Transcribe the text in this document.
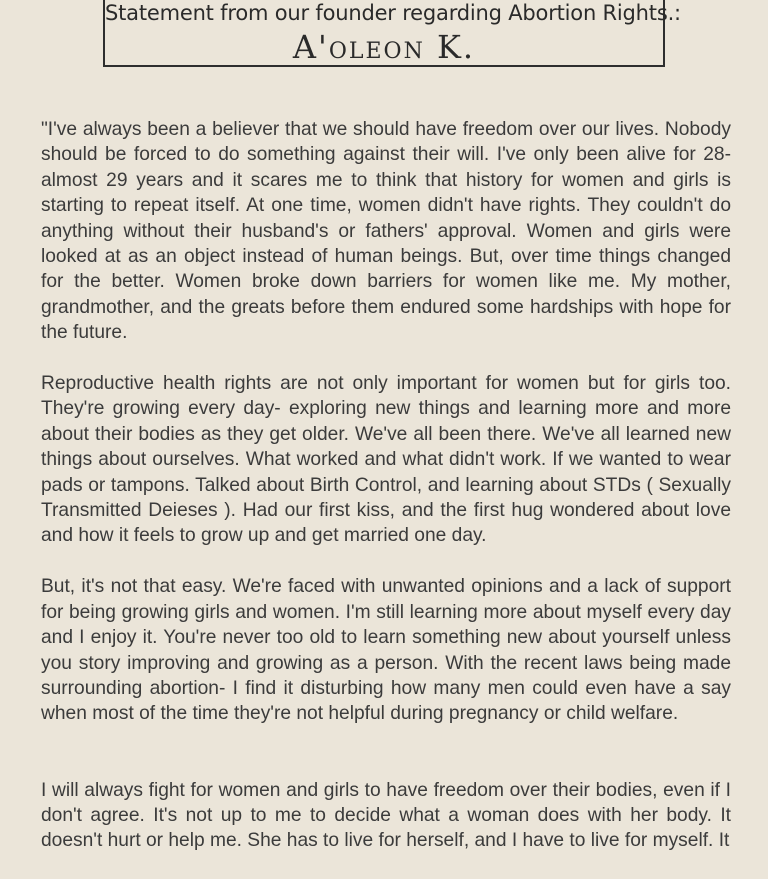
Statement from our founder regarding Abortion Rights.:
A'oleon K.

"I've always been a believer that we should have freedom over our lives. Nobody should be forced to do something against their will. I've only been alive for 28-almost 29 years and it scares me to think that history for women and girls is starting to repeat itself. At one time, women didn't have rights. They couldn't do anything without their husband's or fathers' approval. Women and girls were looked at as an object instead of human beings. But, over time things changed for the better. Women broke down barriers for women like me. My mother, grandmother, and the greats before them endured some hardships with hope for the future.

Reproductive health rights are not only important for women but for girls too. They're growing every day- exploring new things and learning more and more about their bodies as they get older. We've all been there. We've all learned new things about ourselves. What worked and what didn't work. If we wanted to wear pads or tampons. Talked about Birth Control, and learning about STDs ( Sexually Transmitted Deieses ). Had our first kiss, and the first hug wondered about love and how it feels to grow up and get married one day.

But, it's not that easy. We're faced with unwanted opinions and a lack of support for being growing girls and women. I'm still learning more about myself every day and I enjoy it. You're never too old to learn something new about yourself unless you story improving and growing as a person. With the recent laws being made surrounding abortion- I find it disturbing how many men could even have a say when most of the time they're not helpful during pregnancy or child welfare.

I will always fight for women and girls to have freedom over their bodies, even if I don't agree. It's not up to me to decide what a woman does with her body. It doesn't hurt or help me. She has to live for herself, and I have to live for myself. It
